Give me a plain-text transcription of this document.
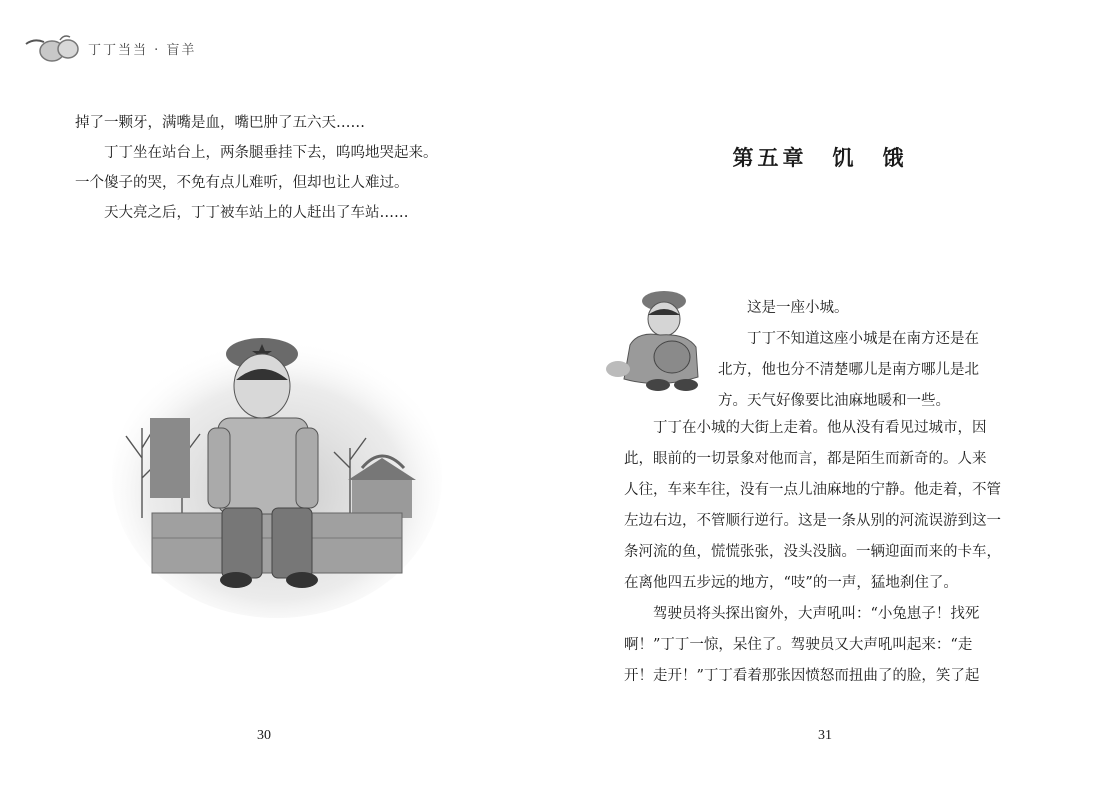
丁丁当当 · 盲羊

掉了一颗牙，满嘴是血，嘴巴肿了五六天……

丁丁坐在站台上，两条腿垂挂下去，呜呜地哭起来。

一个傻子的哭，不免有点儿难听，但却也让人难过。

天大亮之后，丁丁被车站上的人赶出了车站……

第五章　饥　饿

这是一座小城。

丁丁不知道这座小城是在南方还是在

北方，他也分不清楚哪儿是南方哪儿是北

方。天气好像要比油麻地暖和一些。

丁丁在小城的大街上走着。他从没有看见过城市，因

此，眼前的一切景象对他而言，都是陌生而新奇的。人来

人往，车来车往，没有一点儿油麻地的宁静。他走着，不管

左边右边，不管顺行逆行。这是一条从别的河流误游到这一

条河流的鱼，慌慌张张，没头没脑。一辆迎面而来的卡车，

在离他四五步远的地方，“吱”的一声，猛地刹住了。

驾驶员将头探出窗外，大声吼叫：“小兔崽子！找死

啊！”丁丁一惊，呆住了。驾驶员又大声吼叫起来：“走

开！走开！”丁丁看着那张因愤怒而扭曲了的脸，笑了起

30	31
